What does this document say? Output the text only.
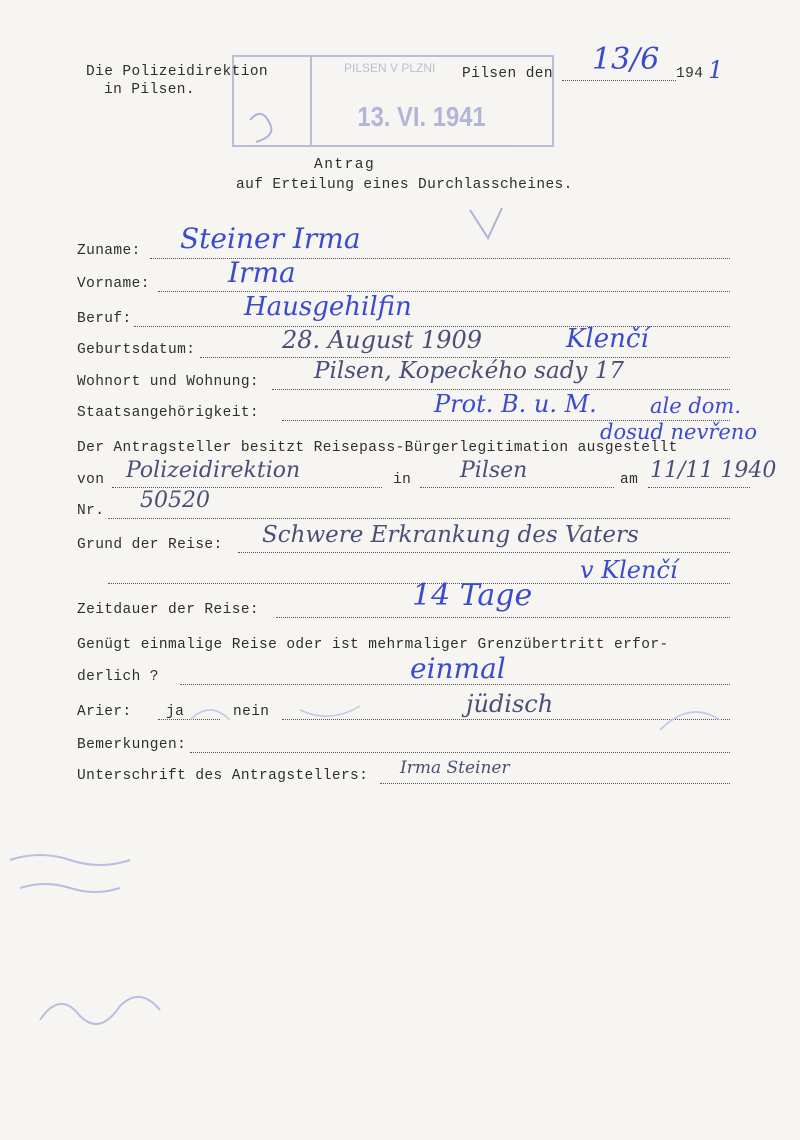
PILSEN V PLZNI
13. VI. 1941
Die Polizeidirektion
in Pilsen.
Pilsen den 13/6 194 1
Antrag
auf Erteilung eines Durchlasscheines.
Zuname: Steiner Irma
Vorname:	Irma
Beruf:	Hausgehilfin
Geburtsdatum:	28. August 1909	Klenčí
Wohnort und Wohnung: Pilsen, Kopeckého sady 17
Staatsangehörigkeit:	Prot. B. u. M.	ale dom.
dosud nevřeno
Der Antragsteller besitzt Reisepass-Bürgerlegitimation ausgestellt
von Polizeidirektion	in Pilsen	am 11/11 1940
Nr. 50520
Grund der Reise: Schwere Erkrankung des Vaters
v Klenčí
Zeitdauer der Reise:	14 Tage
Genügt einmalige Reise oder ist mehrmaliger Grenzübertritt erfor-
derlich ?	einmal
Arier: ja	nein	jüdisch
Bemerkungen:
Unterschrift des Antragstellers: Irma Steiner
